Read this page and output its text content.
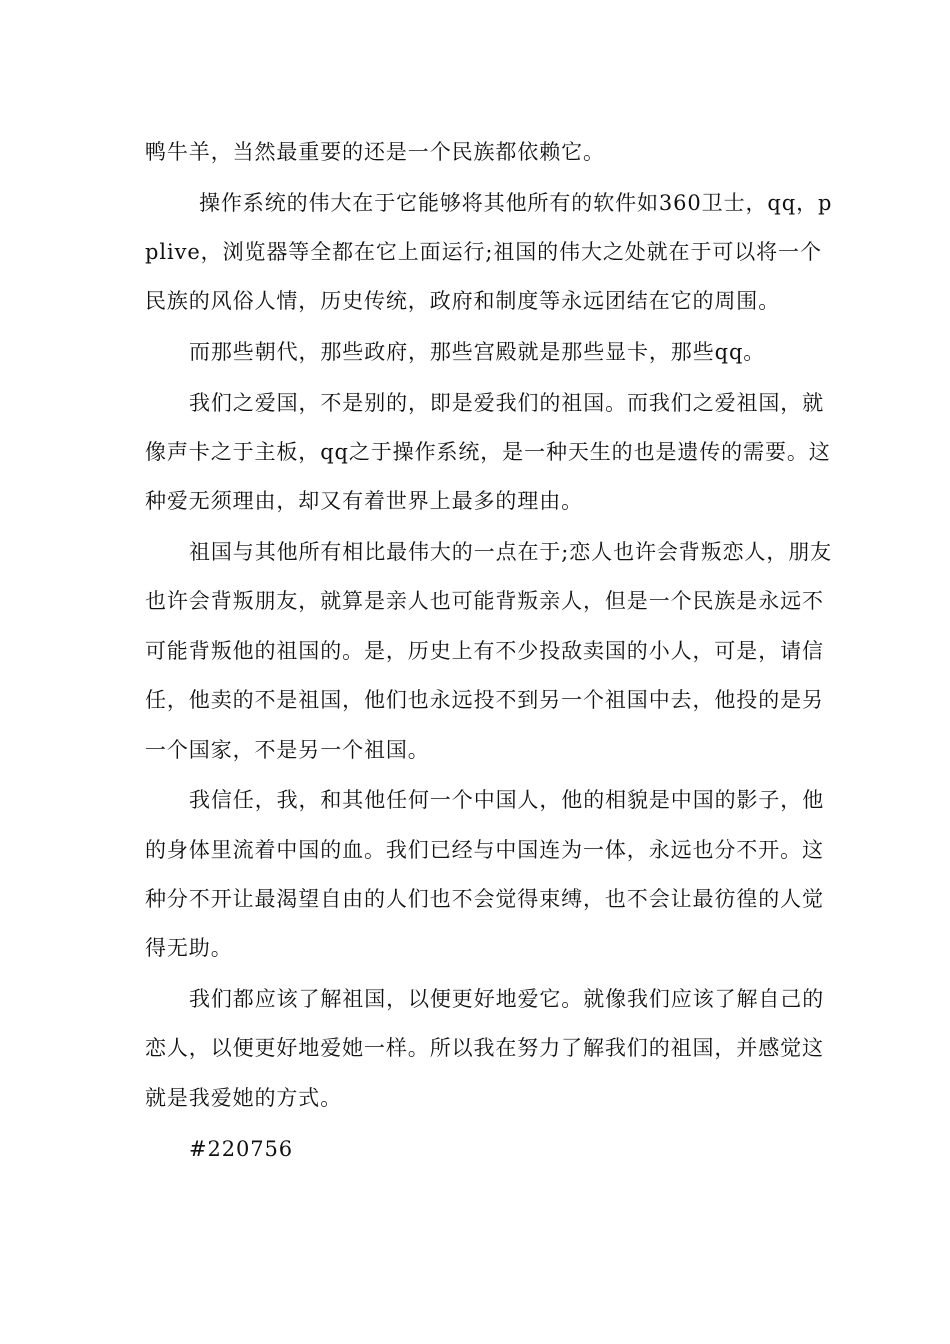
鸭牛羊，当然最重要的还是一个民族都依赖它。

操作系统的伟大在于它能够将其他所有的软件如360卫士，qq，pplive，浏览器等全都在它上面运行;祖国的伟大之处就在于可以将一个民族的风俗人情，历史传统，政府和制度等永远团结在它的周围。

而那些朝代，那些政府，那些宫殿就是那些显卡，那些qq。

我们之爱国，不是别的，即是爱我们的祖国。而我们之爱祖国，就像声卡之于主板，qq之于操作系统，是一种天生的也是遗传的需要。这种爱无须理由，却又有着世界上最多的理由。

祖国与其他所有相比最伟大的一点在于;恋人也许会背叛恋人，朋友也许会背叛朋友，就算是亲人也可能背叛亲人，但是一个民族是永远不可能背叛他的祖国的。是，历史上有不少投敌卖国的小人，可是，请信任，他卖的不是祖国，他们也永远投不到另一个祖国中去，他投的是另一个国家，不是另一个祖国。

我信任，我，和其他任何一个中国人，他的相貌是中国的影子，他的身体里流着中国的血。我们已经与中国连为一体，永远也分不开。这种分不开让最渴望自由的人们也不会觉得束缚，也不会让最彷徨的人觉得无助。

我们都应该了解祖国，以便更好地爱它。就像我们应该了解自己的恋人，以便更好地爱她一样。所以我在努力了解我们的祖国，并感觉这就是我爱她的方式。

#220756
